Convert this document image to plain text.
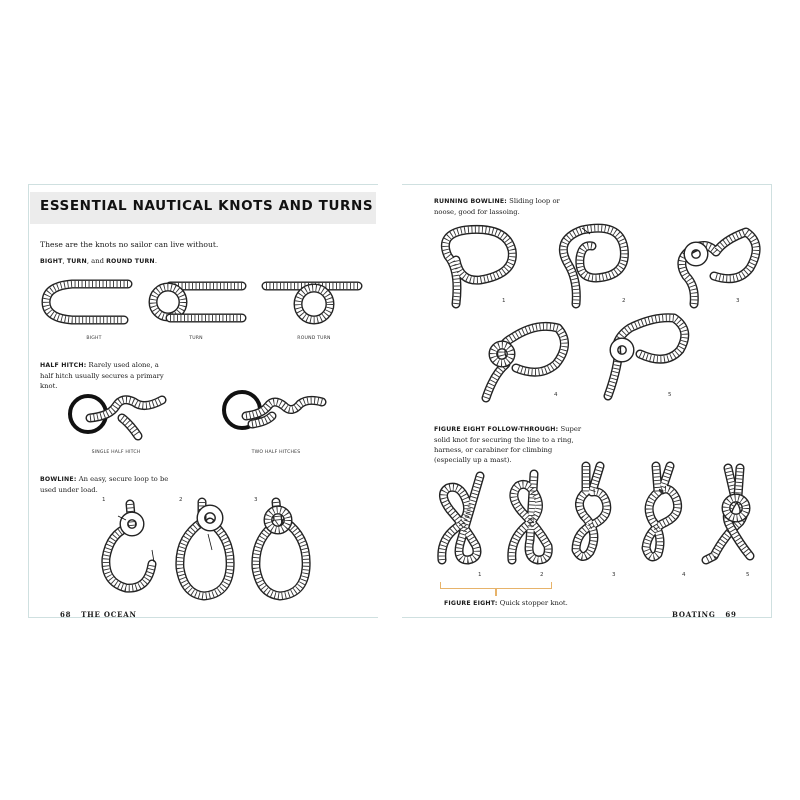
ESSENTIAL NAUTICAL KNOTS AND TURNS
These are the knots no sailor can live without.
BIGHT, TURN, and ROUND TURN.
BIGHT	TURN	ROUND TURN
HALF HITCH: Rarely used alone, a half hitch usually secures a primary knot.
SINGLE HALF HITCH	TWO HALF HITCHES
BOWLINE: An easy, secure loop to be used under load.
1	2	3
68 THE OCEAN
RUNNING BOWLINE: Sliding loop or noose, good for lassoing.
1	2	3
4	5
FIGURE EIGHT FOLLOW-THROUGH: Super solid knot for securing the line to a ring, harness, or carabiner for climbing (especially up a mast).
1	2	3	4	5
FIGURE EIGHT: Quick stopper knot.
BOATING 69
